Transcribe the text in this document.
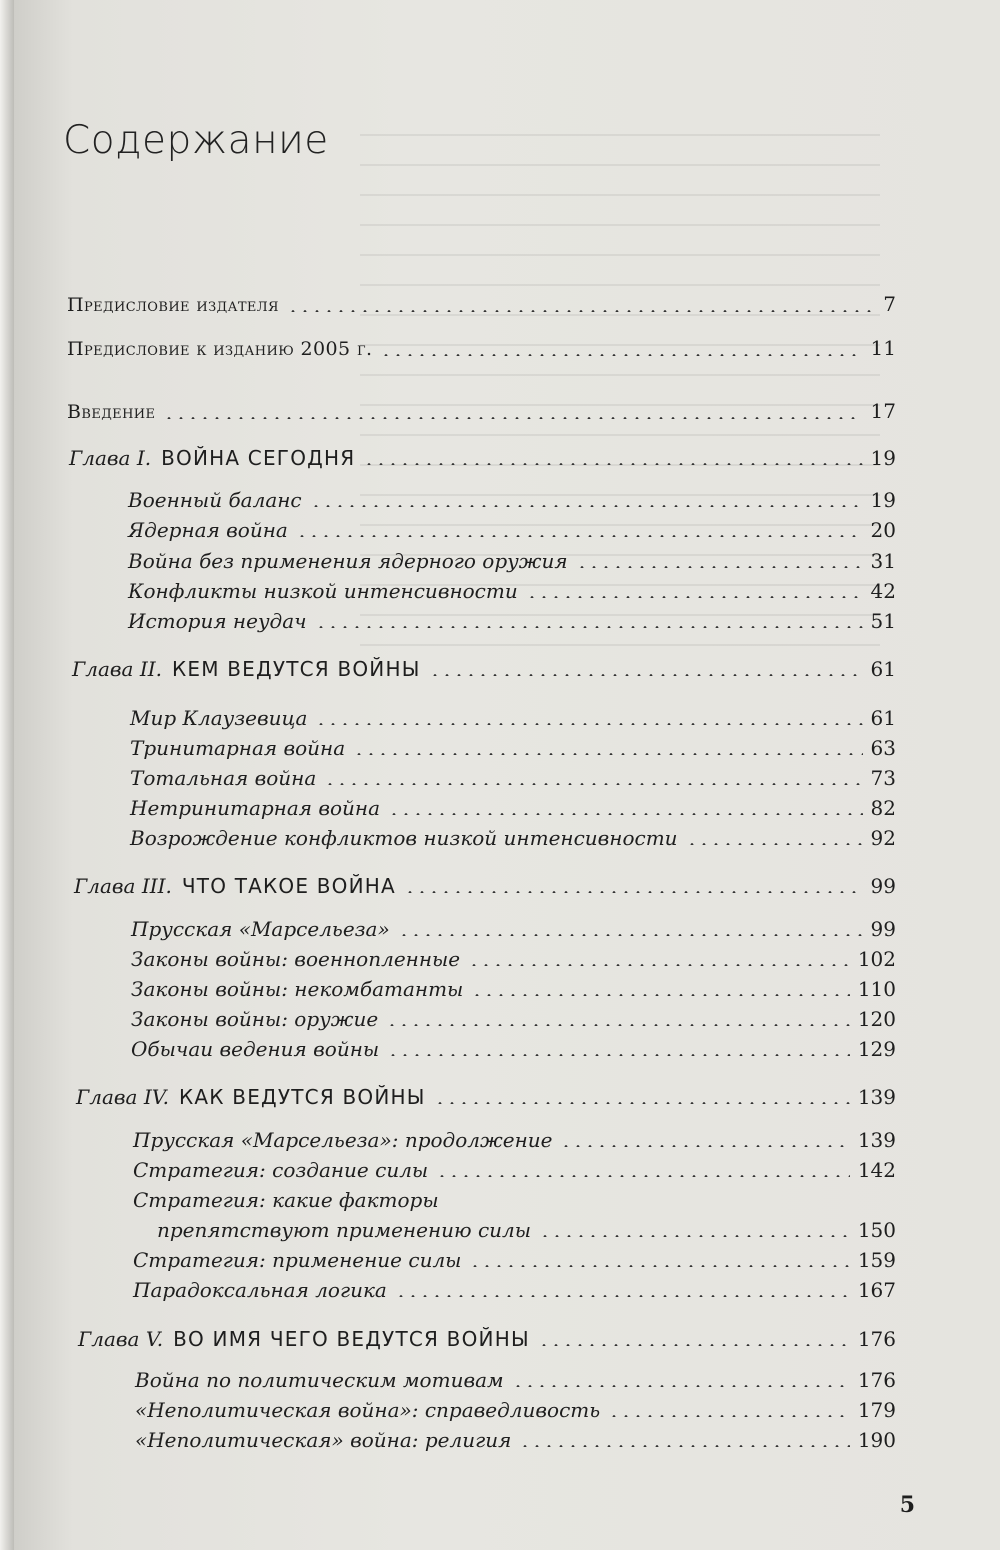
Содержание
Предисловие издателя	7
Предисловие к изданию 2005 г.	11
Введение	17
Глава I. ВОЙНА СЕГОДНЯ	19
Военный баланс	19
Ядерная война	20
Война без применения ядерного оружия	31
Конфликты низкой интенсивности	42
История неудач	51
Глава II. КЕМ ВЕДУТСЯ ВОЙНЫ	61
Мир Клаузевица	61
Тринитарная война	63
Тотальная война	73
Нетринитарная война	82
Возрождение конфликтов низкой интенсивности	92
Глава III. ЧТО ТАКОЕ ВОЙНА	99
Прусская «Марсельеза»	99
Законы войны: военнопленные	102
Законы войны: некомбатанты	110
Законы войны: оружие	120
Обычаи ведения войны	129
Глава IV. КАК ВЕДУТСЯ ВОЙНЫ	139
Прусская «Марсельеза»: продолжение	139
Стратегия: создание силы	142
Стратегия: какие факторы
препятствуют применению силы	150
Стратегия: применение силы	159
Парадоксальная логика	167
Глава V. ВО ИМЯ ЧЕГО ВЕДУТСЯ ВОЙНЫ	176
Война по политическим мотивам	176
«Неполитическая война»: справедливость	179
«Неполитическая» война: религия	190
5
